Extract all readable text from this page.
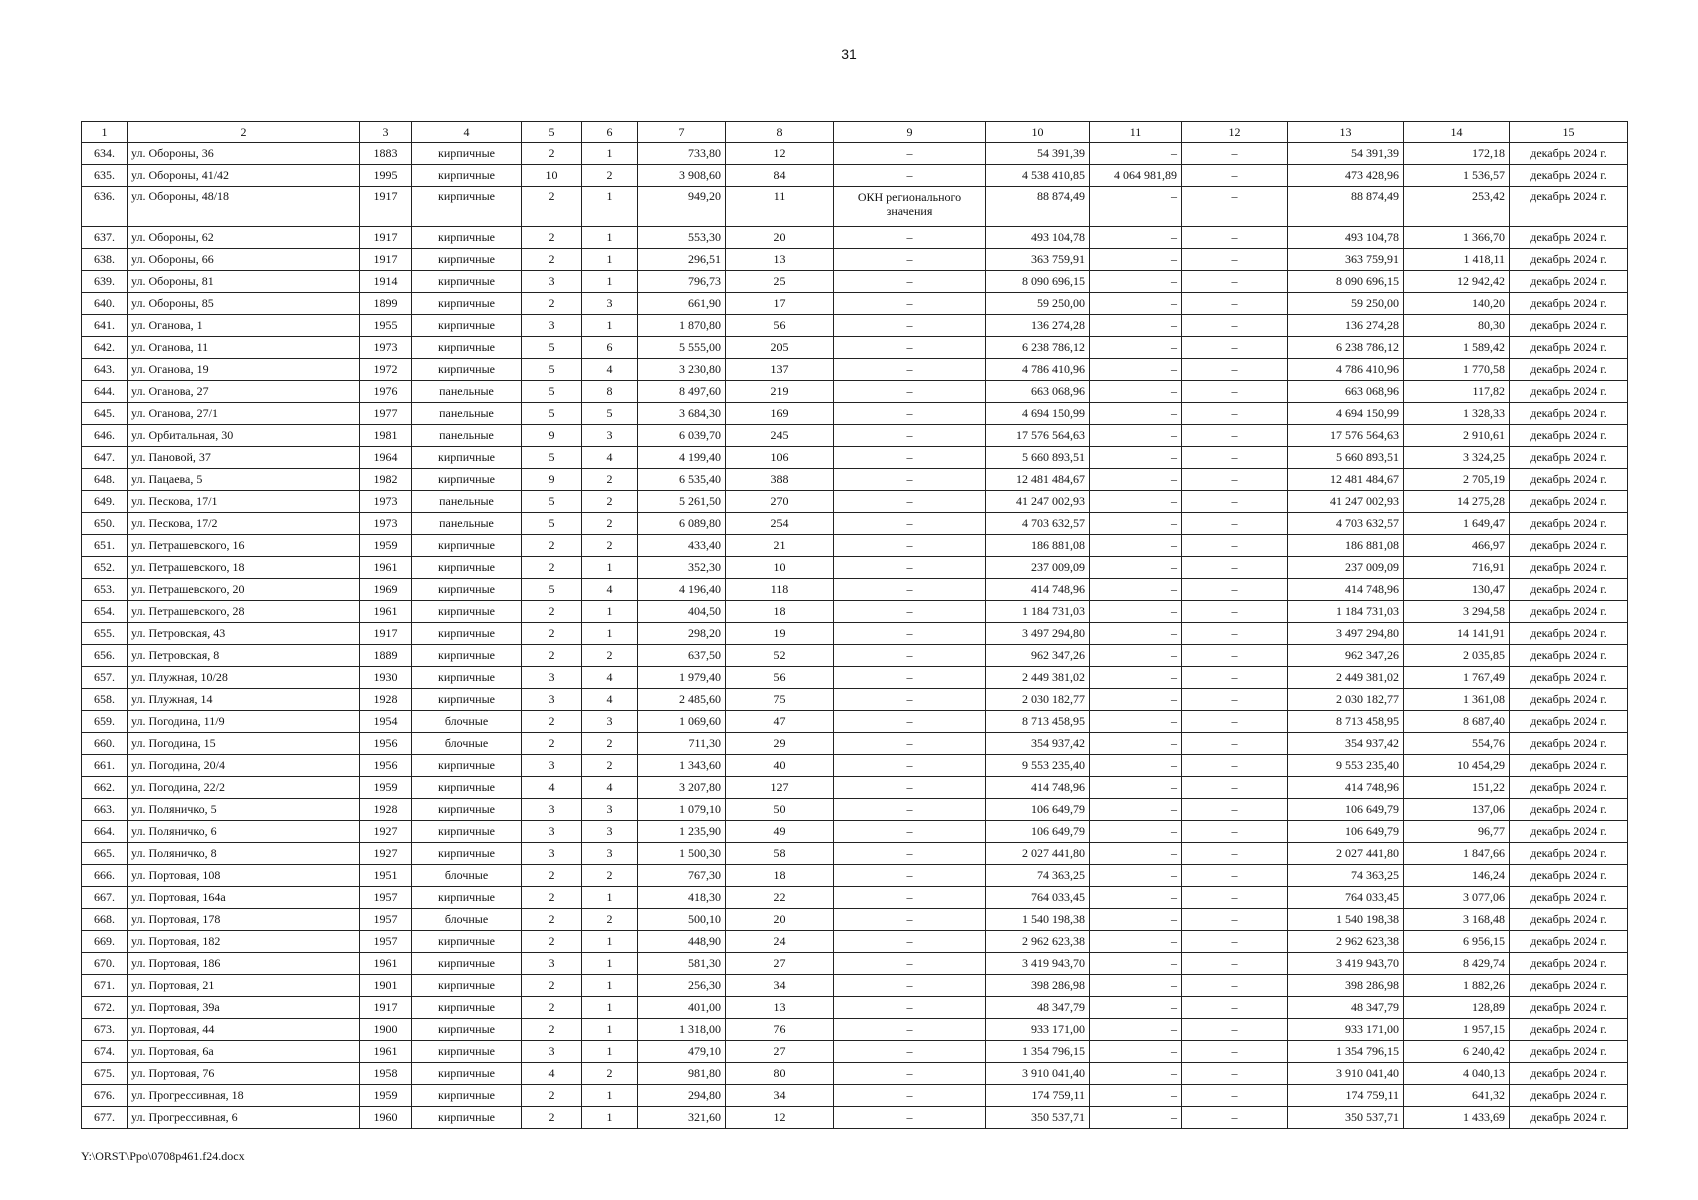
31
1	2	3	4	5	6	7	8	9	10	11	12	13	14	15
634.	ул. Обороны, 36	1883	кирпичные	2	1	733,80	12	–	54 391,39	–	–	54 391,39	172,18	декабрь 2024 г.
635.	ул. Обороны, 41/42	1995	кирпичные	10	2	3 908,60	84	–	4 538 410,85	4 064 981,89	–	473 428,96	1 536,57	декабрь 2024 г.
636.	ул. Обороны, 48/18	1917	кирпичные	2	1	949,20	11	ОКН регионального значения	88 874,49	–	–	88 874,49	253,42	декабрь 2024 г.
637.	ул. Обороны, 62	1917	кирпичные	2	1	553,30	20	–	493 104,78	–	–	493 104,78	1 366,70	декабрь 2024 г.
638.	ул. Обороны, 66	1917	кирпичные	2	1	296,51	13	–	363 759,91	–	–	363 759,91	1 418,11	декабрь 2024 г.
639.	ул. Обороны, 81	1914	кирпичные	3	1	796,73	25	–	8 090 696,15	–	–	8 090 696,15	12 942,42	декабрь 2024 г.
640.	ул. Обороны, 85	1899	кирпичные	2	3	661,90	17	–	59 250,00	–	–	59 250,00	140,20	декабрь 2024 г.
641.	ул. Оганова, 1	1955	кирпичные	3	1	1 870,80	56	–	136 274,28	–	–	136 274,28	80,30	декабрь 2024 г.
642.	ул. Оганова, 11	1973	кирпичные	5	6	5 555,00	205	–	6 238 786,12	–	–	6 238 786,12	1 589,42	декабрь 2024 г.
643.	ул. Оганова, 19	1972	кирпичные	5	4	3 230,80	137	–	4 786 410,96	–	–	4 786 410,96	1 770,58	декабрь 2024 г.
644.	ул. Оганова, 27	1976	панельные	5	8	8 497,60	219	–	663 068,96	–	–	663 068,96	117,82	декабрь 2024 г.
645.	ул. Оганова, 27/1	1977	панельные	5	5	3 684,30	169	–	4 694 150,99	–	–	4 694 150,99	1 328,33	декабрь 2024 г.
646.	ул. Орбитальная, 30	1981	панельные	9	3	6 039,70	245	–	17 576 564,63	–	–	17 576 564,63	2 910,61	декабрь 2024 г.
647.	ул. Пановой, 37	1964	кирпичные	5	4	4 199,40	106	–	5 660 893,51	–	–	5 660 893,51	3 324,25	декабрь 2024 г.
648.	ул. Пацаева, 5	1982	кирпичные	9	2	6 535,40	388	–	12 481 484,67	–	–	12 481 484,67	2 705,19	декабрь 2024 г.
649.	ул. Пескова, 17/1	1973	панельные	5	2	5 261,50	270	–	41 247 002,93	–	–	41 247 002,93	14 275,28	декабрь 2024 г.
650.	ул. Пескова, 17/2	1973	панельные	5	2	6 089,80	254	–	4 703 632,57	–	–	4 703 632,57	1 649,47	декабрь 2024 г.
651.	ул. Петрашевского, 16	1959	кирпичные	2	2	433,40	21	–	186 881,08	–	–	186 881,08	466,97	декабрь 2024 г.
652.	ул. Петрашевского, 18	1961	кирпичные	2	1	352,30	10	–	237 009,09	–	–	237 009,09	716,91	декабрь 2024 г.
653.	ул. Петрашевского, 20	1969	кирпичные	5	4	4 196,40	118	–	414 748,96	–	–	414 748,96	130,47	декабрь 2024 г.
654.	ул. Петрашевского, 28	1961	кирпичные	2	1	404,50	18	–	1 184 731,03	–	–	1 184 731,03	3 294,58	декабрь 2024 г.
655.	ул. Петровская, 43	1917	кирпичные	2	1	298,20	19	–	3 497 294,80	–	–	3 497 294,80	14 141,91	декабрь 2024 г.
656.	ул. Петровская, 8	1889	кирпичные	2	2	637,50	52	–	962 347,26	–	–	962 347,26	2 035,85	декабрь 2024 г.
657.	ул. Плужная, 10/28	1930	кирпичные	3	4	1 979,40	56	–	2 449 381,02	–	–	2 449 381,02	1 767,49	декабрь 2024 г.
658.	ул. Плужная, 14	1928	кирпичные	3	4	2 485,60	75	–	2 030 182,77	–	–	2 030 182,77	1 361,08	декабрь 2024 г.
659.	ул. Погодина, 11/9	1954	блочные	2	3	1 069,60	47	–	8 713 458,95	–	–	8 713 458,95	8 687,40	декабрь 2024 г.
660.	ул. Погодина, 15	1956	блочные	2	2	711,30	29	–	354 937,42	–	–	354 937,42	554,76	декабрь 2024 г.
661.	ул. Погодина, 20/4	1956	кирпичные	3	2	1 343,60	40	–	9 553 235,40	–	–	9 553 235,40	10 454,29	декабрь 2024 г.
662.	ул. Погодина, 22/2	1959	кирпичные	4	4	3 207,80	127	–	414 748,96	–	–	414 748,96	151,22	декабрь 2024 г.
663.	ул. Поляничко, 5	1928	кирпичные	3	3	1 079,10	50	–	106 649,79	–	–	106 649,79	137,06	декабрь 2024 г.
664.	ул. Поляничко, 6	1927	кирпичные	3	3	1 235,90	49	–	106 649,79	–	–	106 649,79	96,77	декабрь 2024 г.
665.	ул. Поляничко, 8	1927	кирпичные	3	3	1 500,30	58	–	2 027 441,80	–	–	2 027 441,80	1 847,66	декабрь 2024 г.
666.	ул. Портовая, 108	1951	блочные	2	2	767,30	18	–	74 363,25	–	–	74 363,25	146,24	декабрь 2024 г.
667.	ул. Портовая, 164а	1957	кирпичные	2	1	418,30	22	–	764 033,45	–	–	764 033,45	3 077,06	декабрь 2024 г.
668.	ул. Портовая, 178	1957	блочные	2	2	500,10	20	–	1 540 198,38	–	–	1 540 198,38	3 168,48	декабрь 2024 г.
669.	ул. Портовая, 182	1957	кирпичные	2	1	448,90	24	–	2 962 623,38	–	–	2 962 623,38	6 956,15	декабрь 2024 г.
670.	ул. Портовая, 186	1961	кирпичные	3	1	581,30	27	–	3 419 943,70	–	–	3 419 943,70	8 429,74	декабрь 2024 г.
671.	ул. Портовая, 21	1901	кирпичные	2	1	256,30	34	–	398 286,98	–	–	398 286,98	1 882,26	декабрь 2024 г.
672.	ул. Портовая, 39а	1917	кирпичные	2	1	401,00	13	–	48 347,79	–	–	48 347,79	128,89	декабрь 2024 г.
673.	ул. Портовая, 44	1900	кирпичные	2	1	1 318,00	76	–	933 171,00	–	–	933 171,00	1 957,15	декабрь 2024 г.
674.	ул. Портовая, 6а	1961	кирпичные	3	1	479,10	27	–	1 354 796,15	–	–	1 354 796,15	6 240,42	декабрь 2024 г.
675.	ул. Портовая, 76	1958	кирпичные	4	2	981,80	80	–	3 910 041,40	–	–	3 910 041,40	4 040,13	декабрь 2024 г.
676.	ул. Прогрессивная, 18	1959	кирпичные	2	1	294,80	34	–	174 759,11	–	–	174 759,11	641,32	декабрь 2024 г.
677.	ул. Прогрессивная, 6	1960	кирпичные	2	1	321,60	12	–	350 537,71	–	–	350 537,71	1 433,69	декабрь 2024 г.
Y:\ORST\Ppo\0708p461.f24.docx
